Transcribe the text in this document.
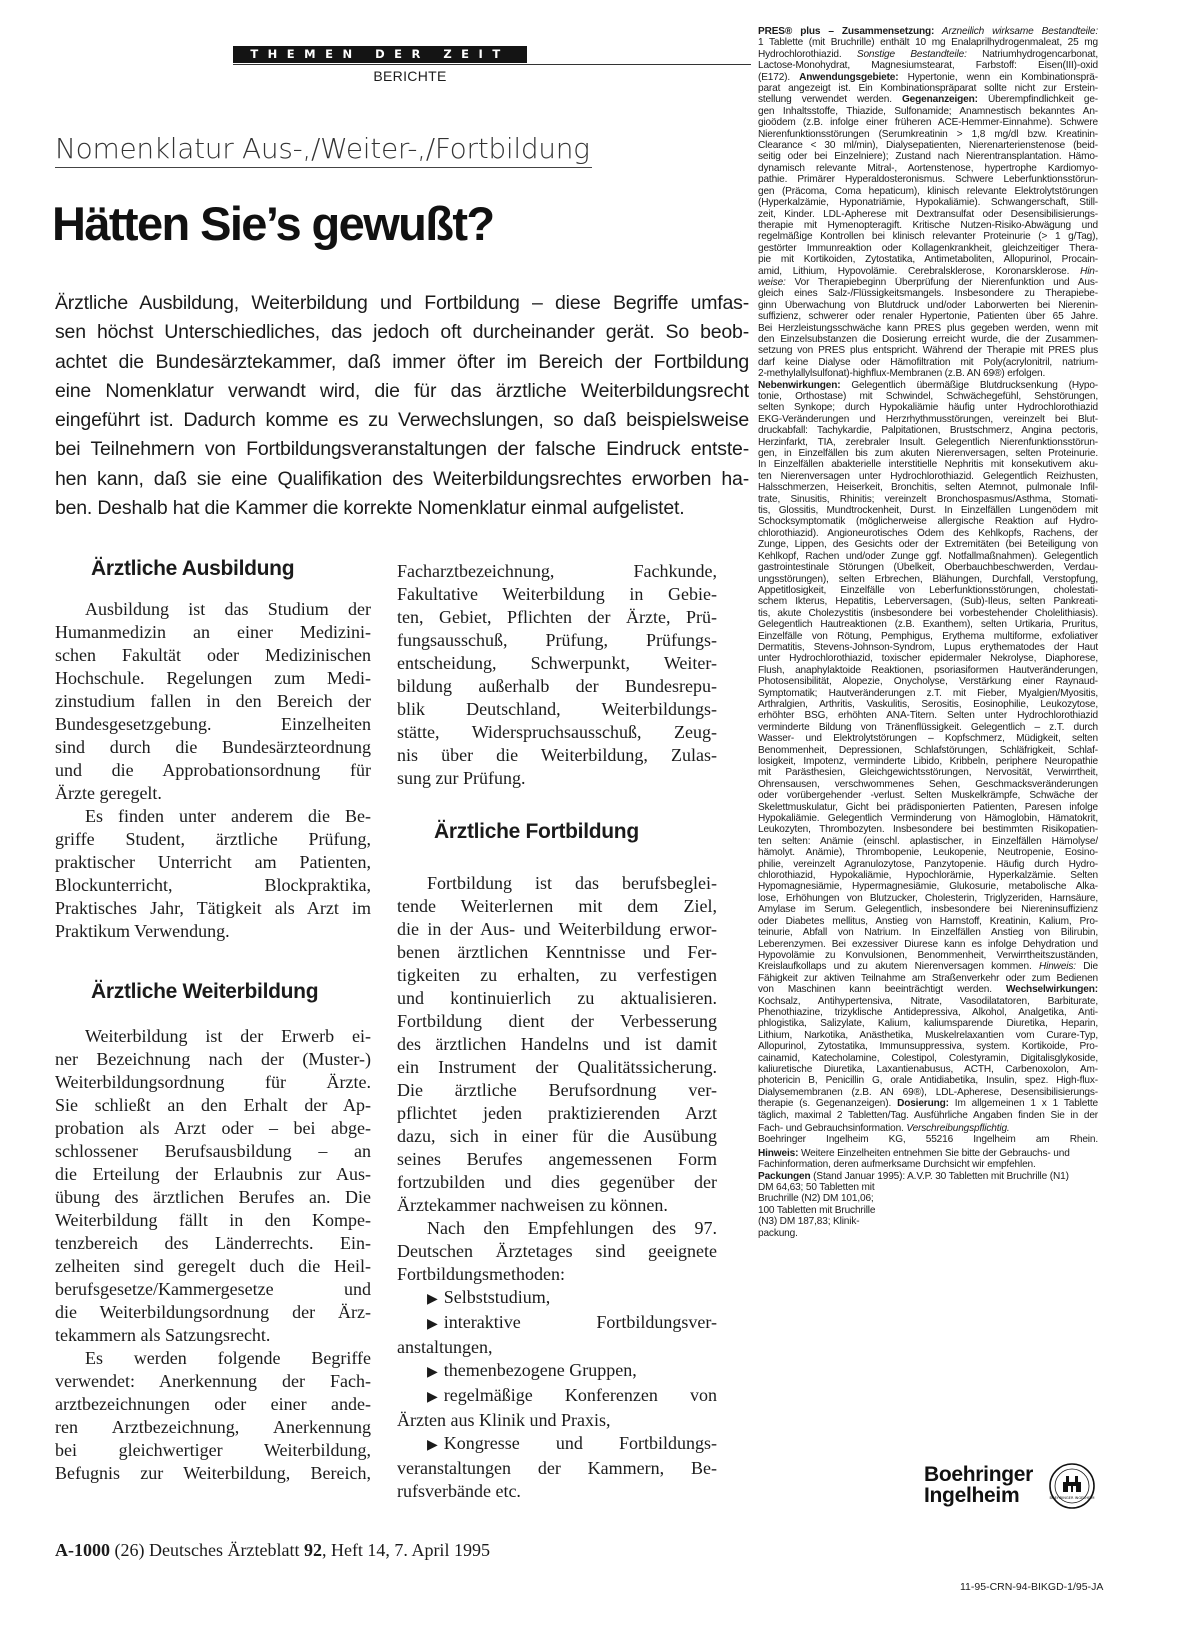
THEMEN DER ZEIT
BERICHTE
Nomenklatur Aus-,/Weiter-,/Fortbildung
Hätten Sie’s gewußt?

Ärztliche Ausbildung, Weiterbildung und Fortbildung – diese Begriffe umfas-

sen höchst Unterschiedliches, das jedoch oft durcheinander gerät. So beob-

achtet die Bundesärztekammer, daß immer öfter im Bereich der Fortbildung

eine Nomenklatur verwandt wird, die für das ärztliche Weiterbildungsrecht

eingeführt ist. Dadurch komme es zu Verwechslungen, so daß beispielsweise

bei Teilnehmern von Fortbildungsveranstaltungen der falsche Eindruck entste-

hen kann, daß sie eine Qualifikation des Weiterbildungsrechtes erworben ha-

ben. Deshalb hat die Kammer die korrekte Nomenklatur einmal aufgelistet.

Ärztliche Ausbildung
Ärztliche Weiterbildung
Ärztliche Fortbildung

Ausbildung ist das Studium der

Humanmedizin an einer Medizini-

schen Fakultät oder Medizinischen

Hochschule. Regelungen zum Medi-

zinstudium fallen in den Bereich der

Bundesgesetzgebung. Einzelheiten

sind durch die Bundesärzteordnung

und die Approbationsordnung für

Ärzte geregelt.

Es finden unter anderem die Be-

griffe Student, ärztliche Prüfung,

praktischer Unterricht am Patienten,

Blockunterricht, Blockpraktika,

Praktisches Jahr, Tätigkeit als Arzt im

Praktikum Verwendung.

Weiterbildung ist der Erwerb ei-

ner Bezeichnung nach der (Muster-)

Weiterbildungsordnung für Ärzte.

Sie schließt an den Erhalt der Ap-

probation als Arzt oder – bei abge-

schlossener Berufsausbildung – an

die Erteilung der Erlaubnis zur Aus-

übung des ärztlichen Berufes an. Die

Weiterbildung fällt in den Kompe-

tenzbereich des Länderrechts. Ein-

zelheiten sind geregelt duch die Heil-

berufsgesetze/Kammergesetze und

die Weiterbildungsordnung der Ärz-

tekammern als Satzungsrecht.

Es werden folgende Begriffe

verwendet: Anerkennung der Fach-

arztbezeichnungen oder einer ande-

ren Arztbezeichnung, Anerkennung

bei gleichwertiger Weiterbildung,

Befugnis zur Weiterbildung, Bereich,

Facharztbezeichnung, Fachkunde,

Fakultative Weiterbildung in Gebie-

ten, Gebiet, Pflichten der Ärzte, Prü-

fungsausschuß, Prüfung, Prüfungs-

entscheidung, Schwerpunkt, Weiter-

bildung außerhalb der Bundesrepu-

blik Deutschland, Weiterbildungs-

stätte, Widerspruchsausschuß, Zeug-

nis über die Weiterbildung, Zulas-

sung zur Prüfung.

Fortbildung ist das berufsbeglei-

tende Weiterlernen mit dem Ziel,

die in der Aus- und Weiterbildung erwor-

benen ärztlichen Kenntnisse und Fer-

tigkeiten zu erhalten, zu verfestigen

und kontinuierlich zu aktualisieren.

Fortbildung dient der Verbesserung

des ärztlichen Handelns und ist damit

ein Instrument der Qualitätssicherung.

Die ärztliche Berufsordnung ver-

pflichtet jeden praktizierenden Arzt

dazu, sich in einer für die Ausübung

seines Berufes angemessenen Form

fortzubilden und dies gegenüber der

Ärztekammer nachweisen zu können.

Nach den Empfehlungen des 97.

Deutschen Ärztetages sind geeignete

Fortbildungsmethoden:

▶ Selbststudium,

▶ interaktive Fortbildungsver-

anstaltungen,

▶ themenbezogene Gruppen,

▶ regelmäßige Konferenzen von

Ärzten aus Klinik und Praxis,

▶ Kongresse und Fortbildungs-

veranstaltungen der Kammern, Be-

rufsverbände etc.

A-1000 (26) Deutsches Ärzteblatt 92, Heft 14, 7. April 1995

PRES® plus – Zusammensetzung: Arzneilich wirksame Bestandteile:

1 Tablette (mit Bruchrille) enthält 10 mg Enalaprilhydrogenmaleat, 25 mg

Hydrochlorothiazid. Sonstige Bestandteile: Natriumhydrogencarbonat,

Lactose-Monohydrat, Magnesiumstearat, Farbstoff: Eisen(III)-oxid

(E172). Anwendungsgebiete: Hypertonie, wenn ein Kombinationsprä-

parat angezeigt ist. Ein Kombinationspräparat sollte nicht zur Erstein-

stellung verwendet werden. Gegenanzeigen: Überempfindlichkeit ge-

gen Inhaltsstoffe, Thiazide, Sulfonamide; Anamnestisch bekanntes An-

gioödem (z.B. infolge einer früheren ACE-Hemmer-Einnahme). Schwere

Nierenfunktionsstörungen (Serumkreatinin > 1,8 mg/dl bzw. Kreatinin-

Clearance < 30 ml/min), Dialysepatienten, Nierenarterienstenose (beid-

seitig oder bei Einzelniere); Zustand nach Nierentransplantation. Hämo-

dynamisch relevante Mitral-, Aortenstenose, hypertrophe Kardiomyo-

pathie. Primärer Hyperaldosteronismus. Schwere Leberfunktionsstörun-

gen (Präcoma, Coma hepaticum), klinisch relevante Elektrolytstörungen

(Hyperkalzämie, Hyponatriämie, Hypokaliämie). Schwangerschaft, Still-

zeit, Kinder. LDL-Apherese mit Dextransulfat oder Desensibilisierungs-

therapie mit Hymenopteragift. Kritische Nutzen-Risiko-Abwägung und

regelmäßige Kontrollen bei klinisch relevanter Proteinurie (> 1 g/Tag),

gestörter Immunreaktion oder Kollagenkrankheit, gleichzeitiger Thera-

pie mit Kortikoiden, Zytostatika, Antimetaboliten, Allopurinol, Procain-

amid, Lithium, Hypovolämie. Cerebralsklerose, Koronarsklerose. Hin-

weise: Vor Therapiebeginn Überprüfung der Nierenfunktion und Aus-

gleich eines Salz-/Flüssigkeitsmangels. Insbesondere zu Therapiebe-

ginn Überwachung von Blutdruck und/oder Laborwerten bei Nierenin-

suffizienz, schwerer oder renaler Hypertonie, Patienten über 65 Jahre.

Bei Herzleistungsschwäche kann PRES plus gegeben werden, wenn mit

den Einzelsubstanzen die Dosierung erreicht wurde, die der Zusammen-

setzung von PRES plus entspricht. Während der Therapie mit PRES plus

darf keine Dialyse oder Hämofiltration mit Poly(acrylonitril, natrium-

2-methylallylsulfonat)-highflux-Membranen (z.B. AN 69®) erfolgen.

Nebenwirkungen: Gelegentlich übermäßige Blutdrucksenkung (Hypo-

tonie, Orthostase) mit Schwindel, Schwächegefühl, Sehstörungen,

selten Synkope; durch Hypokaliämie häufig unter Hydrochlorothiazid

EKG-Veränderungen und Herzrhythmusstörungen, vereinzelt bei Blut-

druckabfall: Tachykardie, Palpitationen, Brustschmerz, Angina pectoris,

Herzinfarkt, TIA, zerebraler Insult. Gelegentlich Nierenfunktionsstörun-

gen, in Einzelfällen bis zum akuten Nierenversagen, selten Proteinurie.

In Einzelfällen abakterielle interstitielle Nephritis mit konsekutivem aku-

ten Nierenversagen unter Hydrochlorothiazid. Gelegentlich Reizhusten,

Halsschmerzen, Heiserkeit, Bronchitis, selten Atemnot, pulmonale Infil-

trate, Sinusitis, Rhinitis; vereinzelt Bronchospasmus/Asthma, Stomati-

tis, Glossitis, Mundtrockenheit, Durst. In Einzelfällen Lungenödem mit

Schocksymptomatik (möglicherweise allergische Reaktion auf Hydro-

chlorothiazid). Angioneurotisches Ödem des Kehlkopfs, Rachens, der

Zunge, Lippen, des Gesichts oder der Extremitäten (bei Beteiligung von

Kehlkopf, Rachen und/oder Zunge ggf. Notfallmaßnahmen). Gelegentlich

gastrointestinale Störungen (Übelkeit, Oberbauchbeschwerden, Verdau-

ungsstörungen), selten Erbrechen, Blähungen, Durchfall, Verstopfung,

Appetitlosigkeit, Einzelfälle von Leberfunktionsstörungen, cholestati-

schem Ikterus, Hepatitis, Leberversagen, (Sub)-Ileus, selten Pankreati-

tis, akute Cholezystitis (insbesondere bei vorbestehender Cholelithiasis).

Gelegentlich Hautreaktionen (z.B. Exanthem), selten Urtikaria, Pruritus,

Einzelfälle von Rötung, Pemphigus, Erythema multiforme, exfoliativer

Dermatitis, Stevens-Johnson-Syndrom, Lupus erythematodes der Haut

unter Hydrochlorothiazid, toxischer epidermaler Nekrolyse, Diaphorese,

Flush, anaphylaktoide Reaktionen, psoriasiformen Hautveränderungen,

Photosensibilität, Alopezie, Onycholyse, Verstärkung einer Raynaud-

Symptomatik; Hautveränderungen z.T. mit Fieber, Myalgien/Myositis,

Arthralgien, Arthritis, Vaskulitis, Serositis, Eosinophilie, Leukozytose,

erhöhter BSG, erhöhten ANA-Titern. Selten unter Hydrochlorothiazid

verminderte Bildung von Tränenflüssigkeit. Gelegentlich – z.T. durch

Wasser- und Elektrolytstörungen – Kopfschmerz, Müdigkeit, selten

Benommenheit, Depressionen, Schlafstörungen, Schläfrigkeit, Schlaf-

losigkeit, Impotenz, verminderte Libido, Kribbeln, periphere Neuropathie

mit Parästhesien, Gleichgewichtsstörungen, Nervosität, Verwirrtheit,

Ohrensausen, verschwommenes Sehen, Geschmacksveränderungen

oder vorübergehender -verlust. Selten Muskelkrämpfe, Schwäche der

Skelettmuskulatur, Gicht bei prädisponierten Patienten, Paresen infolge

Hypokaliämie. Gelegentlich Verminderung von Hämoglobin, Hämatokrit,

Leukozyten, Thrombozyten. Insbesondere bei bestimmten Risikopatien-

ten selten: Anämie (einschl. aplastischer, in Einzelfällen Hämolyse/

hämolyt. Anämie), Thrombopenie, Leukopenie, Neutropenie, Eosino-

philie, vereinzelt Agranulozytose, Panzytopenie. Häufig durch Hydro-

chlorothiazid, Hypokaliämie, Hypochlorämie, Hyperkalzämie. Selten

Hypomagnesiämie, Hypermagnesiämie, Glukosurie, metabolische Alka-

lose, Erhöhungen von Blutzucker, Cholesterin, Triglyzeriden, Harnsäure,

Amylase im Serum. Gelegentlich, insbesondere bei Niereninsuffizienz

oder Diabetes mellitus, Anstieg von Harnstoff, Kreatinin, Kalium, Pro-

teinurie, Abfall von Natrium. In Einzelfällen Anstieg von Bilirubin,

Leberenzymen. Bei exzessiver Diurese kann es infolge Dehydration und

Hypovolämie zu Konvulsionen, Benommenheit, Verwirrtheitszuständen,

Kreislaufkollaps und zu akutem Nierenversagen kommen. Hinweis: Die

Fähigkeit zur aktiven Teilnahme am Straßenverkehr oder zum Bedienen

von Maschinen kann beeinträchtigt werden. Wechselwirkungen:

Kochsalz, Antihypertensiva, Nitrate, Vasodilatatoren, Barbiturate,

Phenothiazine, trizyklische Antidepressiva, Alkohol, Analgetika, Anti-

phlogistika, Salizylate, Kalium, kaliumsparende Diuretika, Heparin,

Lithium, Narkotika, Anästhetika, Muskelrelaxantien vom Curare-Typ,

Allopurinol, Zytostatika, Immunsuppressiva, system. Kortikoide, Pro-

cainamid, Katecholamine, Colestipol, Colestyramin, Digitalisglykoside,

kaliuretische Diuretika, Laxantienabusus, ACTH, Carbenoxolon, Am-

photericin B, Penicillin G, orale Antidiabetika, Insulin, spez. High-flux-

Dialysemembranen (z.B. AN 69®), LDL-Apherese, Desensibilisierungs-

therapie (s. Gegenanzeigen). Dosierung: Im allgemeinen 1 x 1 Tablette

täglich, maximal 2 Tabletten/Tag. Ausführliche Angaben finden Sie in der

Fach- und Gebrauchsinformation. Verschreibungspflichtig.

Boehringer Ingelheim KG, 55216 Ingelheim am Rhein.

Hinweis: Weitere Einzelheiten entnehmen Sie bitte der Gebrauchs- und

Fachinformation, deren aufmerksame Durchsicht wir empfehlen.

Packungen (Stand Januar 1995): A.V.P. 30 Tabletten mit Bruchrille (N1)

DM 64,63; 50 Tabletten mit

Bruchrille (N2) DM 101,06;

100 Tabletten mit Bruchrille

(N3) DM 187,83; Klinik-

packung.

Boehringer
Ingelheim	BOEHRINGER INGELHEIM
11-95-CRN-94-BIKGD-1/95-JA
